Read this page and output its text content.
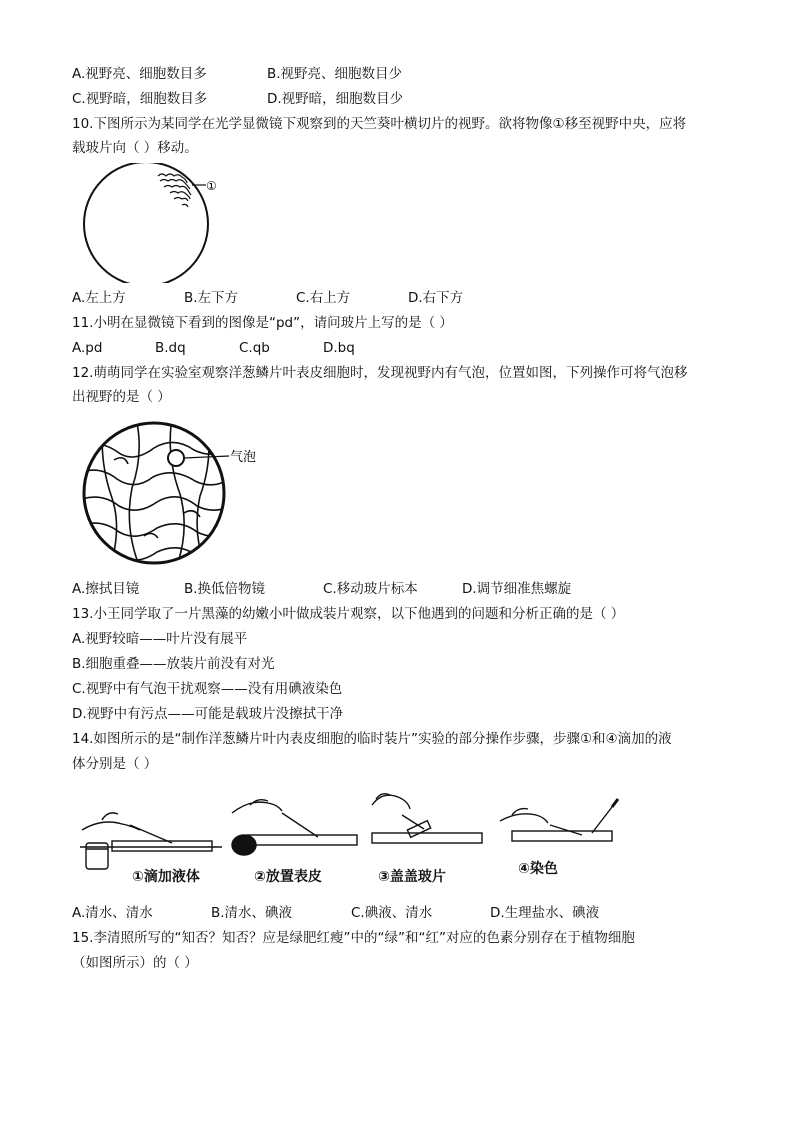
A.视野亮、细胞数目多	B.视野亮、细胞数目少
C.视野暗，细胞数目多	D.视野暗，细胞数目少
10.下图所示为某同学在光学显微镜下观察到的天竺葵叶横切片的视野。欲将物像①移至视野中央，应将
载玻片向（ ）移动。
①
A.左上方	B.左下方	C.右上方	D.右下方
11.小明在显微镜下看到的图像是“pd”，请问玻片上写的是（ ）
A.pd	B.dq	C.qb	D.bq
12.萌萌同学在实验室观察洋葱鳞片叶表皮细胞时，发现视野内有气泡，位置如图，下列操作可将气泡移
出视野的是（ ）
气泡
A.擦拭目镜	B.换低倍物镜	C.移动玻片标本	D.调节细准焦螺旋
13.小王同学取了一片黑藻的幼嫩小叶做成装片观察，以下他遇到的问题和分析正确的是（ ）
A.视野较暗——叶片没有展平
B.细胞重叠——放装片前没有对光
C.视野中有气泡干扰观察——没有用碘液染色
D.视野中有污点——可能是载玻片没擦拭干净
14.如图所示的是“制作洋葱鳞片叶内表皮细胞的临时装片”实验的部分操作步骤，步骤①和④滴加的液
体分别是（ ）
①滴加液体	②放置表皮	③盖盖玻片	④染色
A.清水、清水	B.清水、碘液	C.碘液、清水	D.生理盐水、碘液
15.李清照所写的“知否？知否？应是绿肥红瘦”中的“绿”和“红”对应的色素分别存在于植物细胞
（如图所示）的（ ）
